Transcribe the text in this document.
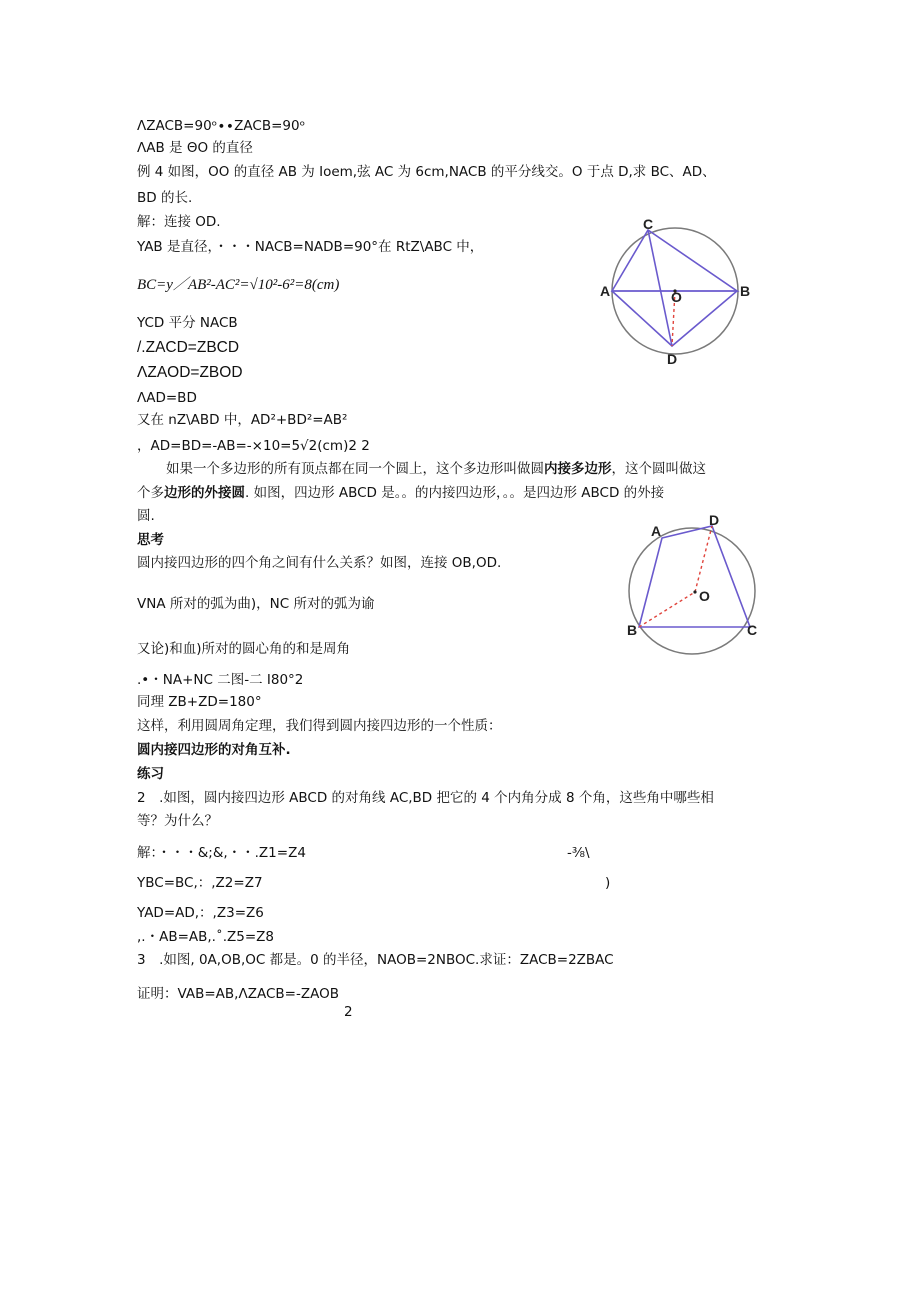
ΛZACB=90ᵒ∙∙ZACB=90ᵒ
ΛAB 是 ΘO 的直径
例 4 如图，OO 的直径 AB 为 Ioem,弦 AC 为 6cm,NACB 的平分线交。O 于点 D,求 BC、AD、
BD 的长.
解：连接 OD.
YAB 是直径，・・・NACB=NADB=90°在 RtZ\ABC 中，
BC=y／AB²-AC²=√10²-6²=8(cm)
YCD 平分 NACB
/.ZACD=ZBCD
ΛZAOD=ZBOD
ΛAD=BD
又在 nZ\ABD 中，AD²+BD²=AB²
，AD=BD=-AB=-×10=5√2(cm)2 2
如果一个多边形的所有顶点都在同一个圆上，这个多边形叫做圆内接多边形，这个圆叫做这
个多边形的外接圆. 如图，四边形 ABCD 是。。的内接四边形，。。是四边形 ABCD 的外接
圆.
思考
圆内接四边形的四个角之间有什么关系？如图，连接 OB,OD.
VNA 所对的弧为曲)，NC 所对的弧为谕
又论)和血)所对的圆心角的和是周角
.•・NA+NC 二图-二 I80°2
同理 ZB+ZD=180°
这样，利用圆周角定理，我们得到圆内接四边形的一个性质：
圆内接四边形的对角互补.
练习
2　.如图，圆内接四边形 ABCD 的对角线 AC,BD 把它的 4 个内角分成 8 个角，这些角中哪些相
等？为什么？
解：・・・&;&,・・.Z1=Z4	-⅜\
YBC=BC,：,Z2=Z7	)
YAD=AD,：,Z3=Z6
,.・AB=AB,.˚.Z5=Z8
3　.如图, 0A,OB,OC 都是。0 的半径，NAOB=2NBOC.求证：ZACB=2ZBAC
证明：VAB=AB,ΛZACB=-ZAOB
2
C
A	B
O
D
A
D
O
B	C
